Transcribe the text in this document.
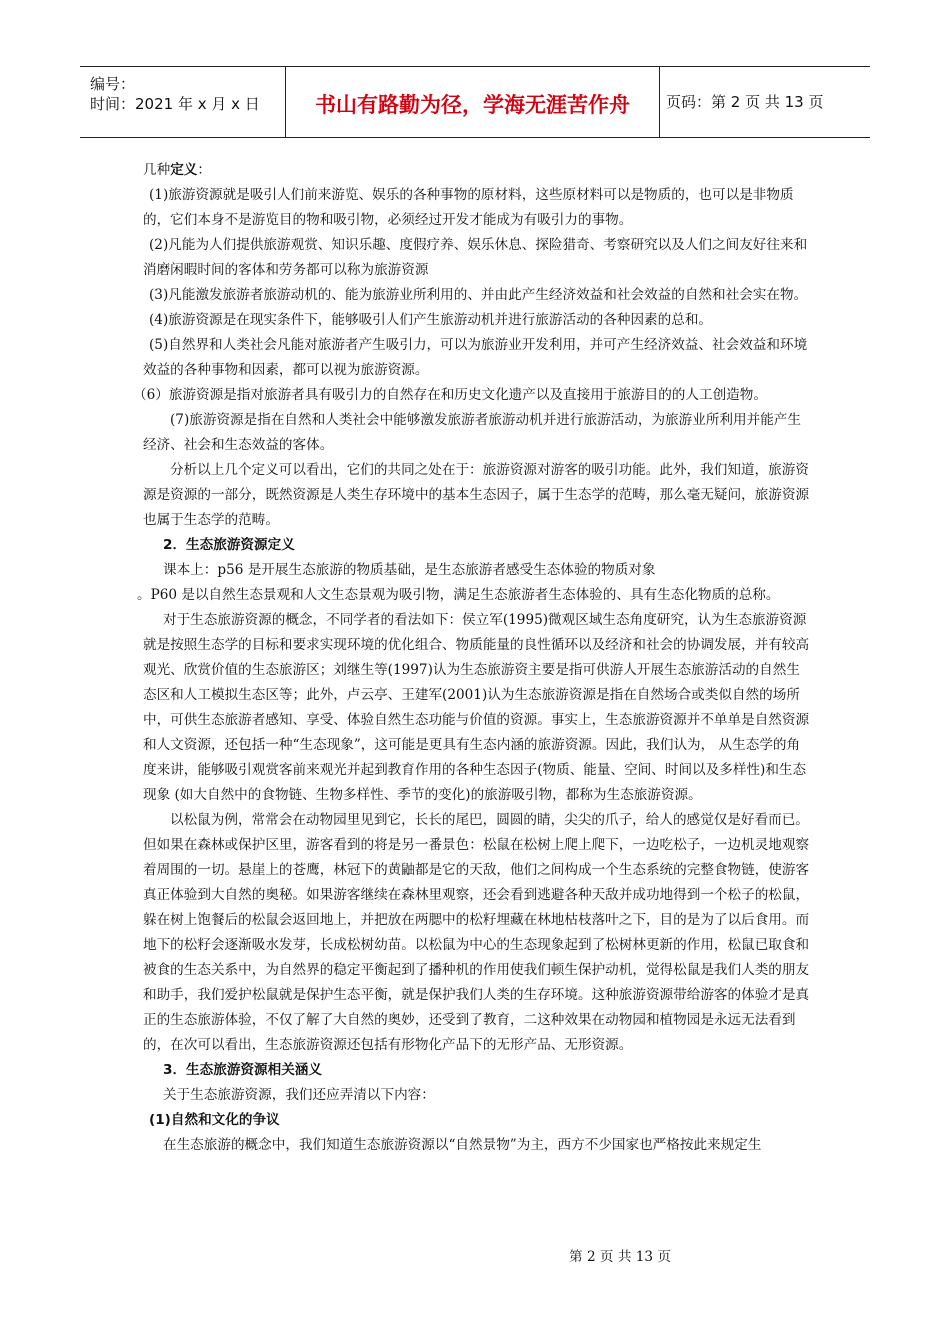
编号：
时间：2021 年 x 月 x 日	书山有路勤为径，学海无涯苦作舟	页码：第 2 页 共 13 页

几种定义：

(1)旅游资源就是吸引人们前来游览、娱乐的各种事物的原材料，这些原材料可以是物质的，也可以是非物质的，它们本身不是游览目的物和吸引物，必须经过开发才能成为有吸引力的事物。

(2)凡能为人们提供旅游观赏、知识乐趣、度假疗养、娱乐休息、探险猎奇、考察研究以及人们之间友好往来和消磨闲暇时间的客体和劳务都可以称为旅游资源

(3)凡能激发旅游者旅游动机的、能为旅游业所利用的、并由此产生经济效益和社会效益的自然和社会实在物。

(4)旅游资源是在现实条件下，能够吸引人们产生旅游动机并进行旅游活动的各种因素的总和。

(5)自然界和人类社会凡能对旅游者产生吸引力，可以为旅游业开发利用，并可产生经济效益、社会效益和环境效益的各种事物和因素，都可以视为旅游资源。

（6）旅游资源是指对旅游者具有吸引力的自然存在和历史文化遗产以及直接用于旅游目的的人工创造物。

(7)旅游资源是指在自然和人类社会中能够激发旅游者旅游动机并进行旅游活动，为旅游业所利用并能产生经济、社会和生态效益的客体。

分析以上几个定义可以看出，它们的共同之处在于：旅游资源对游客的吸引功能。此外，我们知道，旅游资源是资源的一部分，既然资源是人类生存环境中的基本生态因子，属于生态学的范畴，那么毫无疑问，旅游资源也属于生态学的范畴。

2．生态旅游资源定义

课本上：p56 是开展生态旅游的物质基础，是生态旅游者感受生态体验的物质对象

。P60 是以自然生态景观和人文生态景观为吸引物，满足生态旅游者生态体验的、具有生态化物质的总称。

对于生态旅游资源的概念，不同学者的看法如下：侯立军(1995)微观区域生态角度研究，认为生态旅游资源就是按照生态学的目标和要求实现环境的优化组合、物质能量的良性循环以及经济和社会的协调发展，并有较高观光、欣赏价值的生态旅游区；刘继生等(1997)认为生态旅游资主要是指可供游人开展生态旅游活动的自然生态区和人工模拟生态区等；此外，卢云亭、王建军(2001)认为生态旅游资源是指在自然场合或类似自然的场所中，可供生态旅游者感知、享受、体验自然生态功能与价值的资源。事实上，生态旅游资源并不单单是自然资源和人文资源，还包括一种“生态现象”，这可能是更具有生态内涵的旅游资源。因此，我们认为， 从生态学的角度来讲，能够吸引观赏客前来观光并起到教育作用的各种生态因子(物质、能量、空间、时间以及多样性)和生态现象 (如大自然中的食物链、生物多样性、季节的变化)的旅游吸引物，都称为生态旅游资源。

以松鼠为例，常常会在动物园里见到它，长长的尾巴，圆圆的睛，尖尖的爪子，给人的感觉仅是好看而已。但如果在森林或保护区里，游客看到的将是另一番景色：松鼠在松树上爬上爬下，一边吃松子，一边机灵地观察着周围的一切。悬崖上的苍鹰，林冠下的黄鼬都是它的天敌，他们之间构成一个生态系统的完整食物链，使游客真正体验到大自然的奥秘。如果游客继续在森林里观察，还会看到逃避各种天敌并成功地得到一个松子的松鼠，躲在树上饱餐后的松鼠会返回地上，并把放在两腮中的松籽埋藏在林地枯枝落叶之下，目的是为了以后食用。而地下的松籽会逐渐吸水发芽，长成松树幼苗。以松鼠为中心的生态现象起到了松树林更新的作用，松鼠已取食和被食的生态关系中，为自然界的稳定平衡起到了播种机的作用使我们顿生保护动机，觉得松鼠是我们人类的朋友和助手，我们爱护松鼠就是保护生态平衡，就是保护我们人类的生存环境。这种旅游资源带给游客的体验才是真正的生态旅游体验，不仅了解了大自然的奥妙，还受到了教育，二这种效果在动物园和植物园是永远无法看到的，在次可以看出，生态旅游资源还包括有形物化产品下的无形产品、无形资源。

3．生态旅游资源相关涵义

关于生态旅游资源，我们还应弄清以下内容：

(1)自然和文化的争议

在生态旅游的概念中，我们知道生态旅游资源以“自然景物”为主，西方不少国家也严格按此来规定生

第 2 页 共 13 页
